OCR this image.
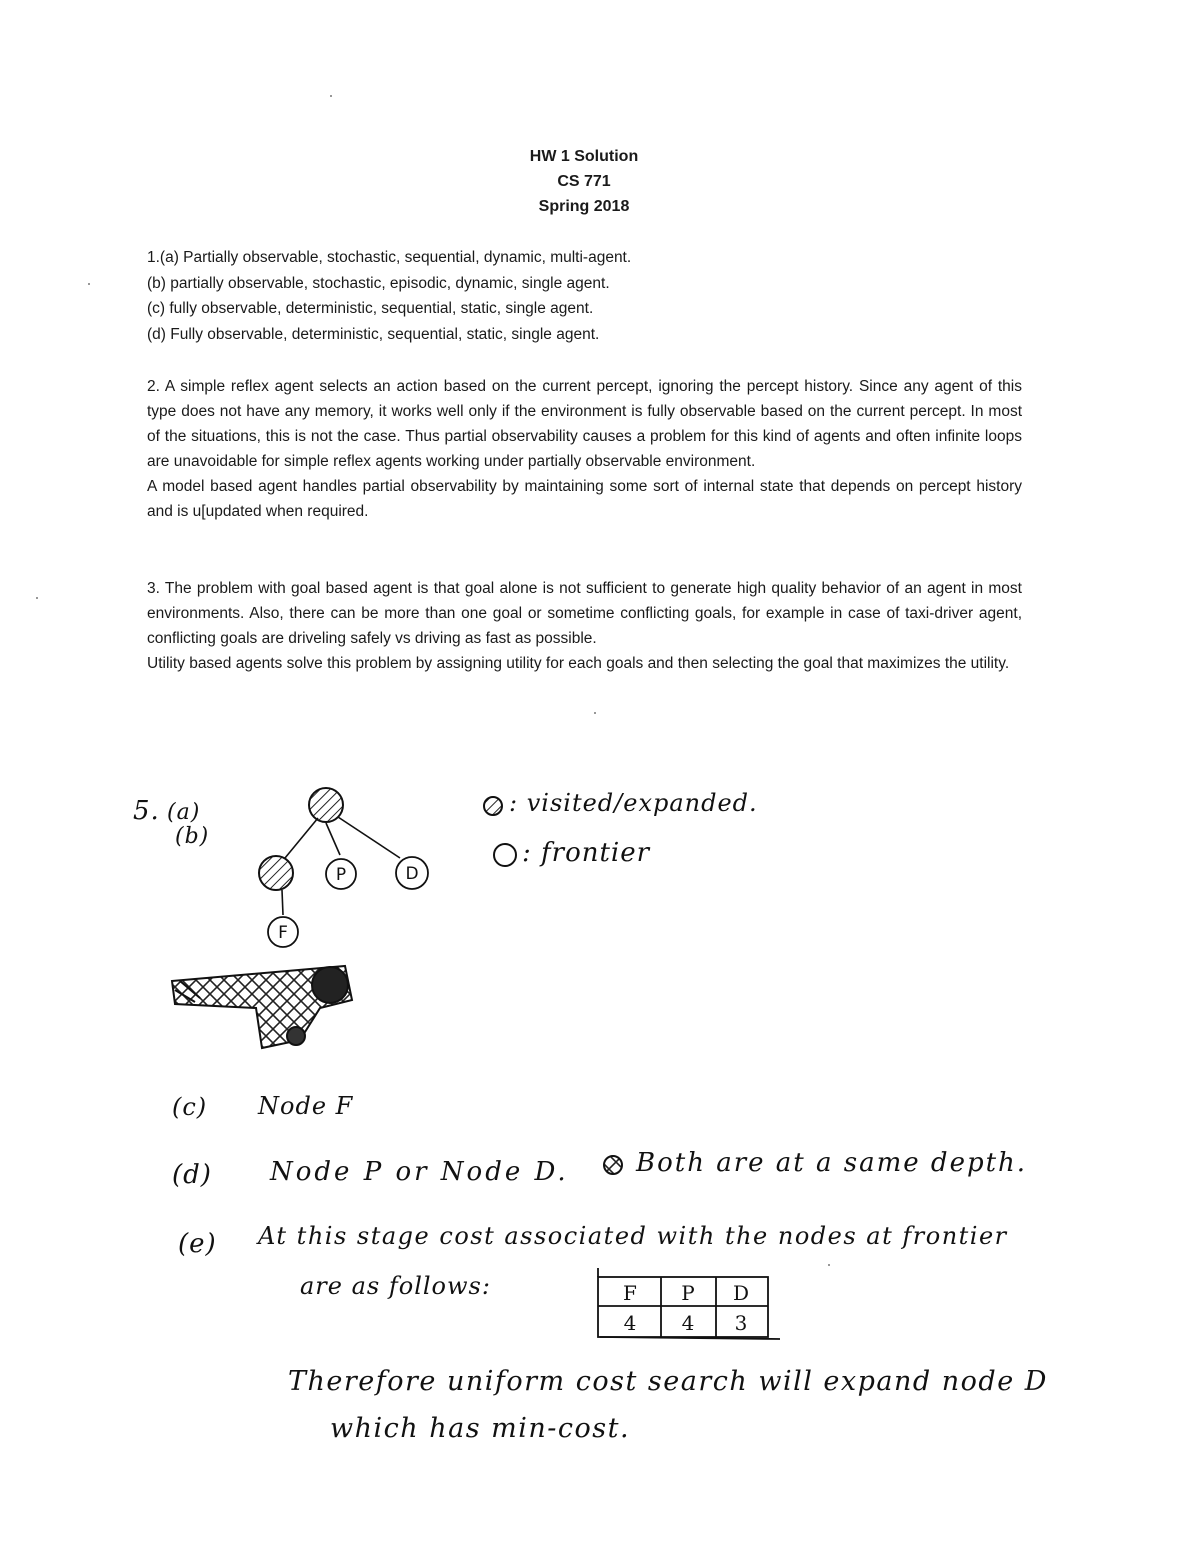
HW 1 Solution
CS 771
Spring 2018
1.(a) Partially observable, stochastic, sequential, dynamic, multi-agent.
(b) partially observable, stochastic, episodic, dynamic, single agent.
(c) fully observable, deterministic, sequential, static, single agent.
(d) Fully observable, deterministic, sequential, static, single agent.

2. A simple reflex agent selects an action based on the current percept, ignoring the percept history. Since any agent of this type does not have any memory, it works well only if the environment is fully observable based on the current percept. In most of the situations, this is not the case. Thus partial observability causes a problem for this kind of agents and often infinite loops are unavoidable for simple reflex agents working under partially observable environment.

A model based agent handles partial observability by maintaining some sort of internal state that depends on percept history and is u[updated when required.

3. The problem with goal based agent is that goal alone is not sufficient to generate high quality behavior of an agent in most environments. Also, there can be more than one goal or sometime conflicting goals, for example in case of taxi-driver agent, conflicting goals are driveling safely vs driving as fast as possible.

Utility based agents solve this problem by assigning utility for each goals and then selecting the goal that maximizes the utility.

P	D
F
F P D
4 4 3
5. (a)
(b)
: visited/expanded.
: frontier
(c) Node F
(d) Node P or Node D.	Both are at a same depth.
(e) At this stage cost associated with the nodes at frontier
are as follows:
Therefore uniform cost search will expand node D
which has min-cost.
